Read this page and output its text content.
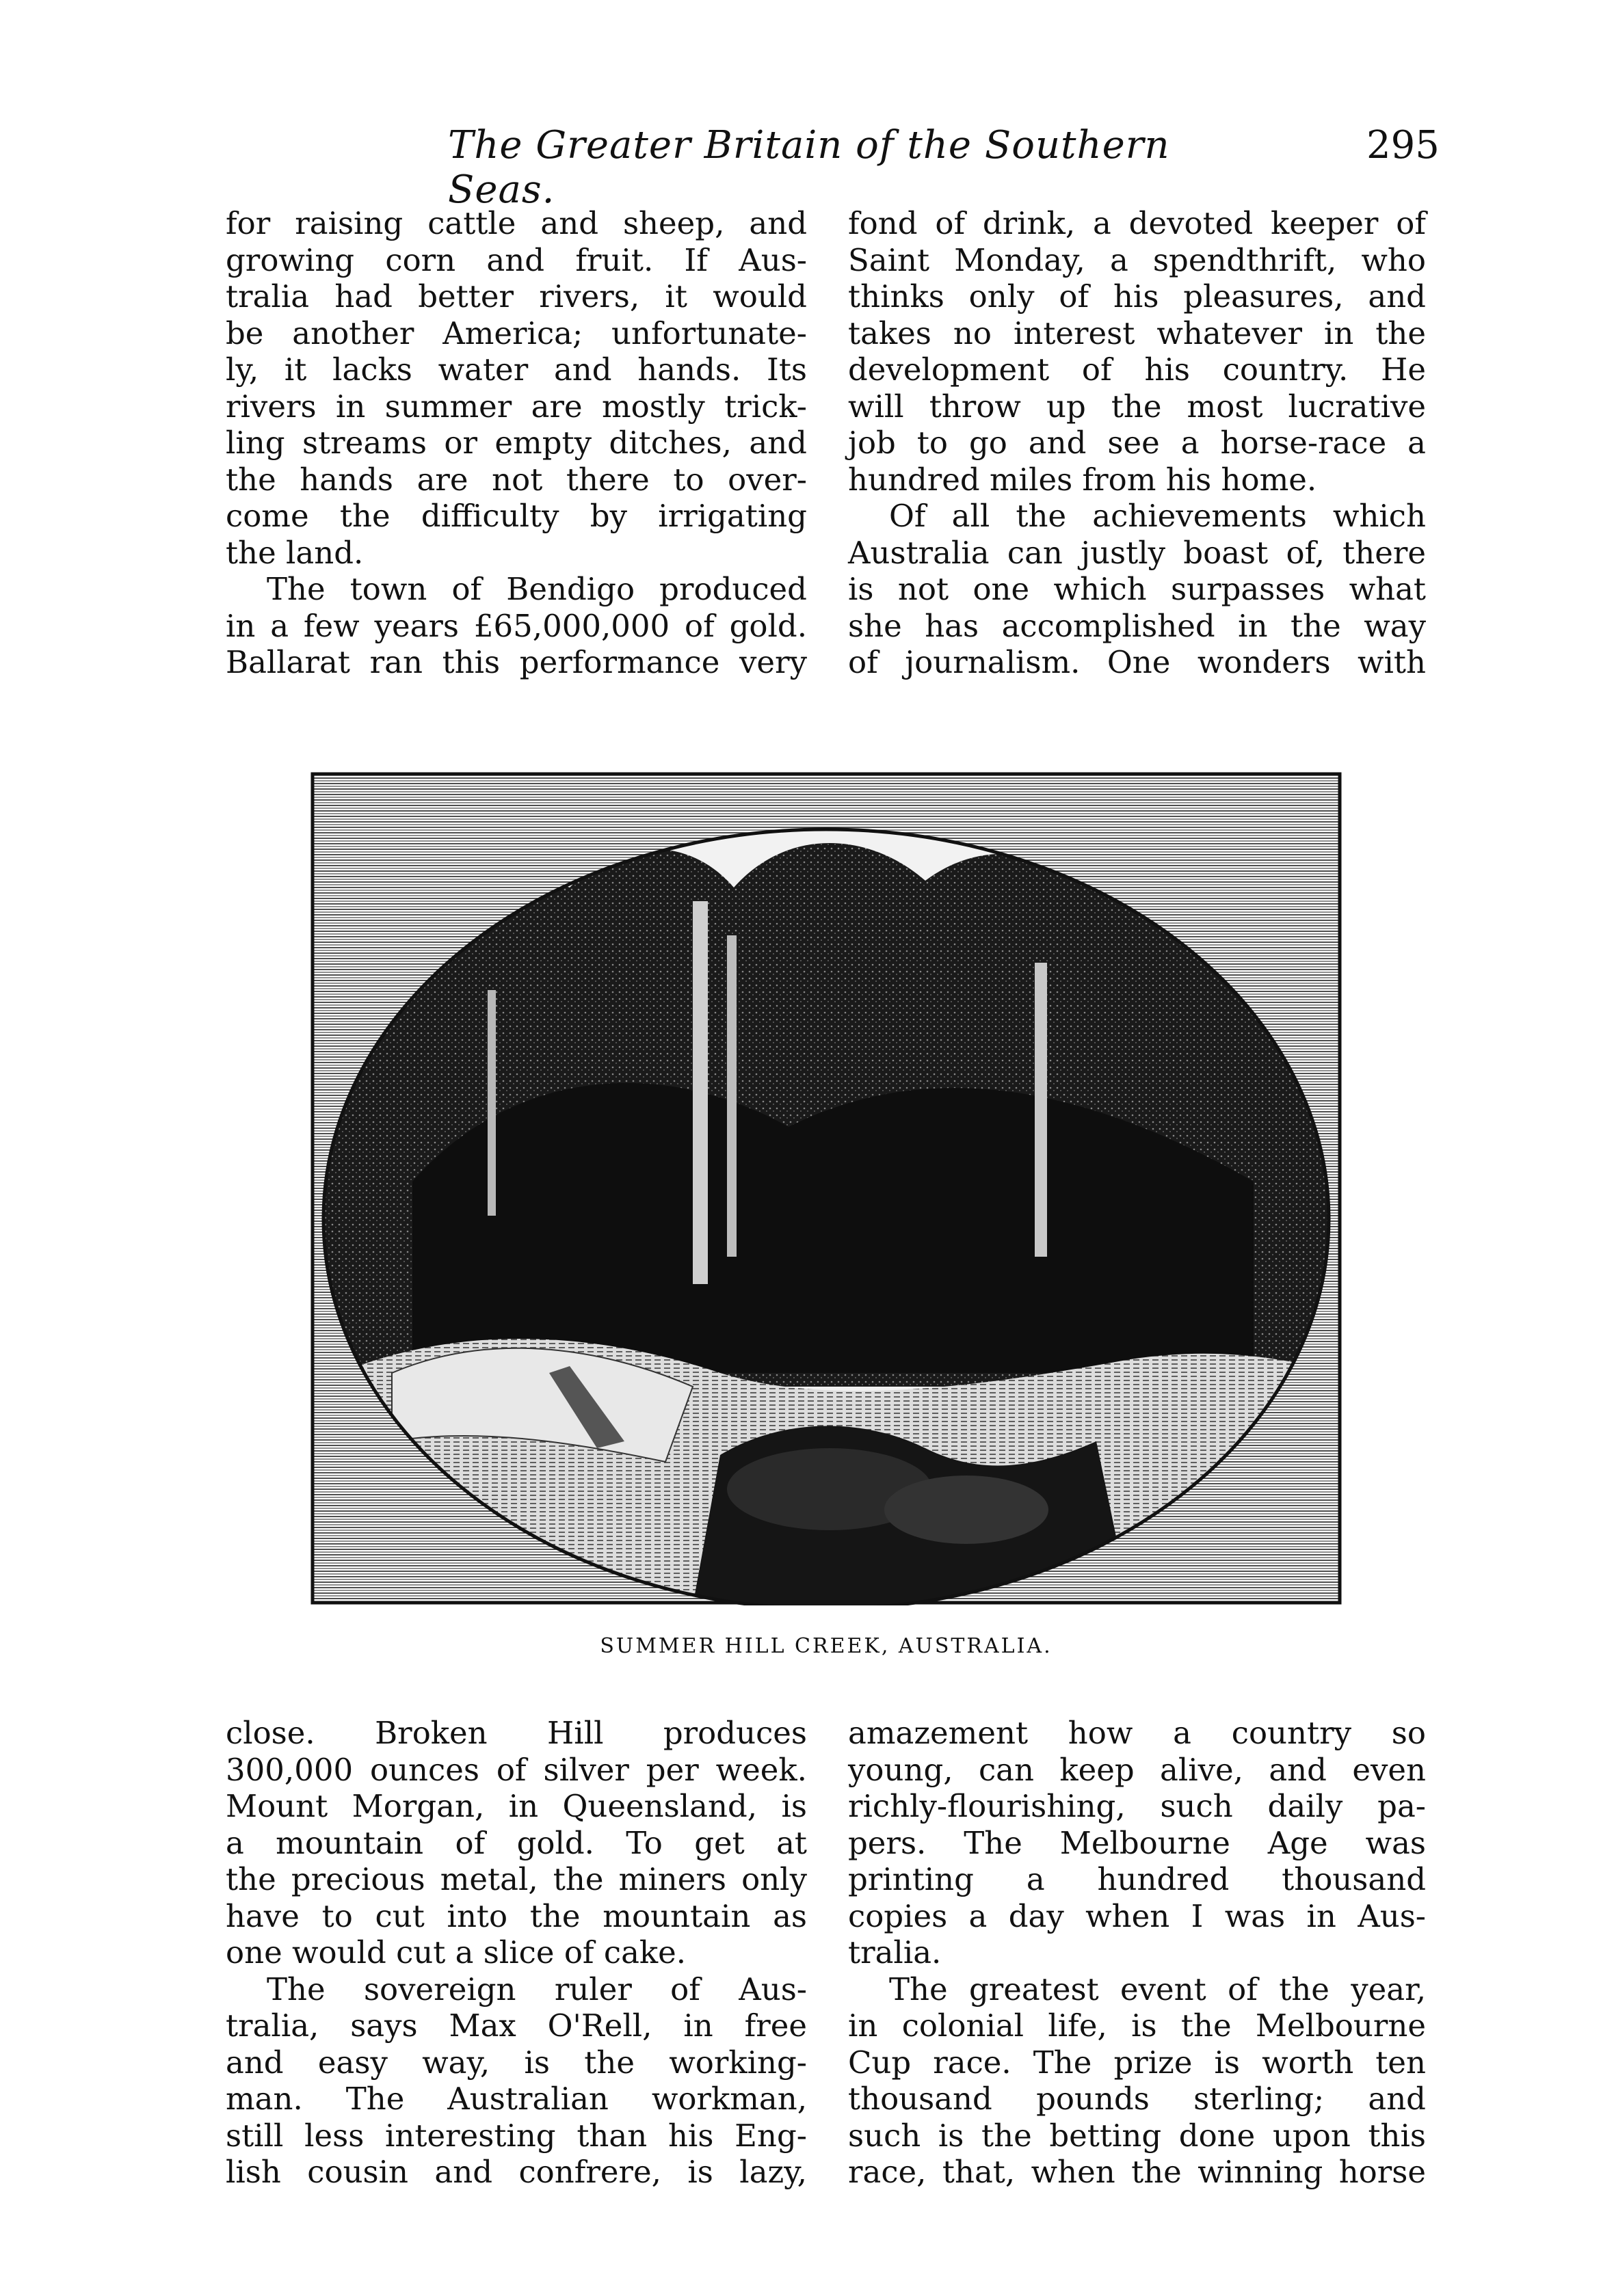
The Greater Britain of the Southern Seas.
295
for raising cattle and sheep, and
growing corn and fruit. If Aus-
tralia had better rivers, it would
be another America; unfortunate-
ly, it lacks water and hands. Its
rivers in summer are mostly trick-
ling streams or empty ditches, and
the hands are not there to over-
come the difficulty by irrigating
the land.
The town of Bendigo produced
in a few years £65,000,000 of gold.
Ballarat ran this performance very
fond of drink, a devoted keeper of
Saint Monday, a spendthrift, who
thinks only of his pleasures, and
takes no interest whatever in the
development of his country. He
will throw up the most lucrative
job to go and see a horse-race a
hundred miles from his home.
Of all the achievements which
Australia can justly boast of, there
is not one which surpasses what
she has accomplished in the way
of journalism. One wonders with
SUMMER HILL CREEK, AUSTRALIA.
close. Broken Hill produces
300,000 ounces of silver per week.
Mount Morgan, in Queensland, is
a mountain of gold. To get at
the precious metal, the miners only
have to cut into the mountain as
one would cut a slice of cake.
The sovereign ruler of Aus-
tralia, says Max O'Rell, in free
and easy way, is the working-
man. The Australian workman,
still less interesting than his Eng-
lish cousin and confrere, is lazy,
amazement how a country so
young, can keep alive, and even
richly-flourishing, such daily pa-
pers. The Melbourne Age was
printing a hundred thousand
copies a day when I was in Aus-
tralia.
The greatest event of the year,
in colonial life, is the Melbourne
Cup race. The prize is worth ten
thousand pounds sterling; and
such is the betting done upon this
race, that, when the winning horse
